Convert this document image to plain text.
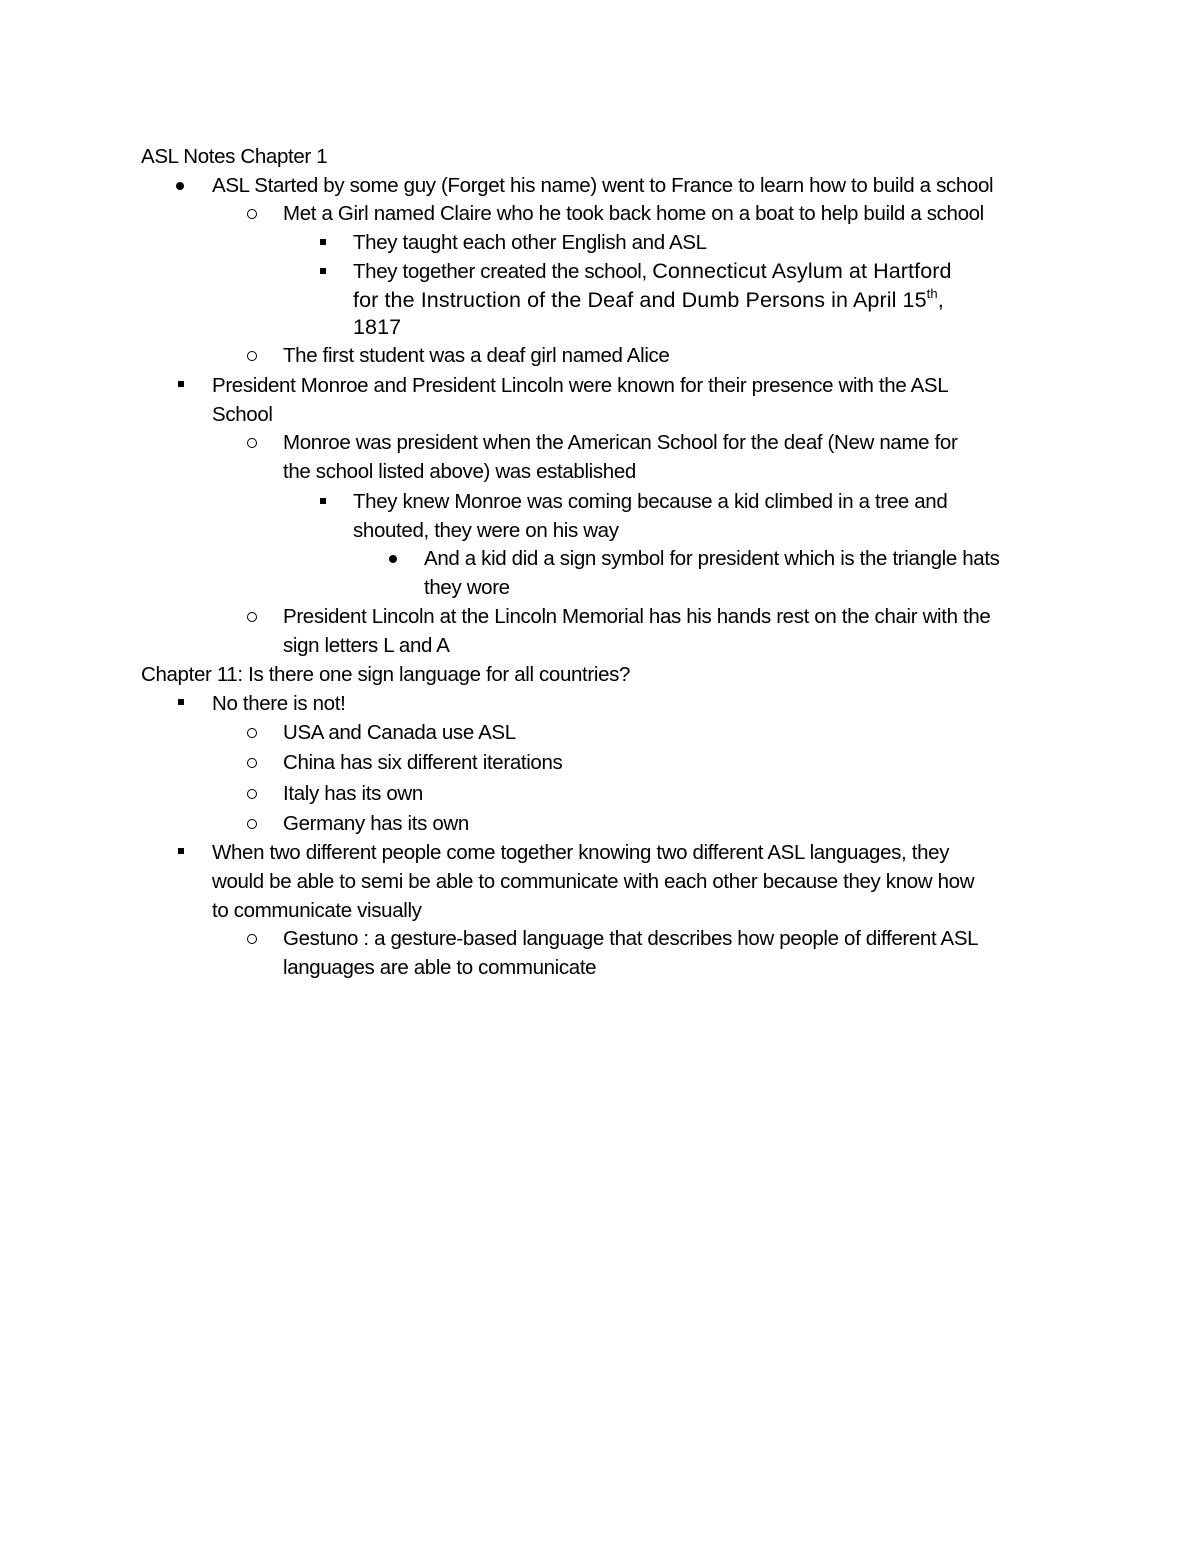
ASL Notes Chapter 1
ASL Started by some guy (Forget his name) went to France to learn how to build a school
Met a Girl named Claire who he took back home on a boat to help build a school
They taught each other English and ASL
They together created the school, Connecticut Asylum at Hartford
for the Instruction of the Deaf and Dumb Persons in April 15th,
1817
The first student was a deaf girl named Alice
President Monroe and President Lincoln were known for their presence with the ASL
School
Monroe was president when the American School for the deaf (New name for
the school listed above) was established
They knew Monroe was coming because a kid climbed in a tree and
shouted, they were on his way
And a kid did a sign symbol for president which is the triangle hats
they wore
President Lincoln at the Lincoln Memorial has his hands rest on the chair with the
sign letters L and A
Chapter 11: Is there one sign language for all countries?
No there is not!
USA and Canada use ASL
China has six different iterations
Italy has its own
Germany has its own
When two different people come together knowing two different ASL languages, they
would be able to semi be able to communicate with each other because they know how
to communicate visually
Gestuno : a gesture-based language that describes how people of different ASL
languages are able to communicate
